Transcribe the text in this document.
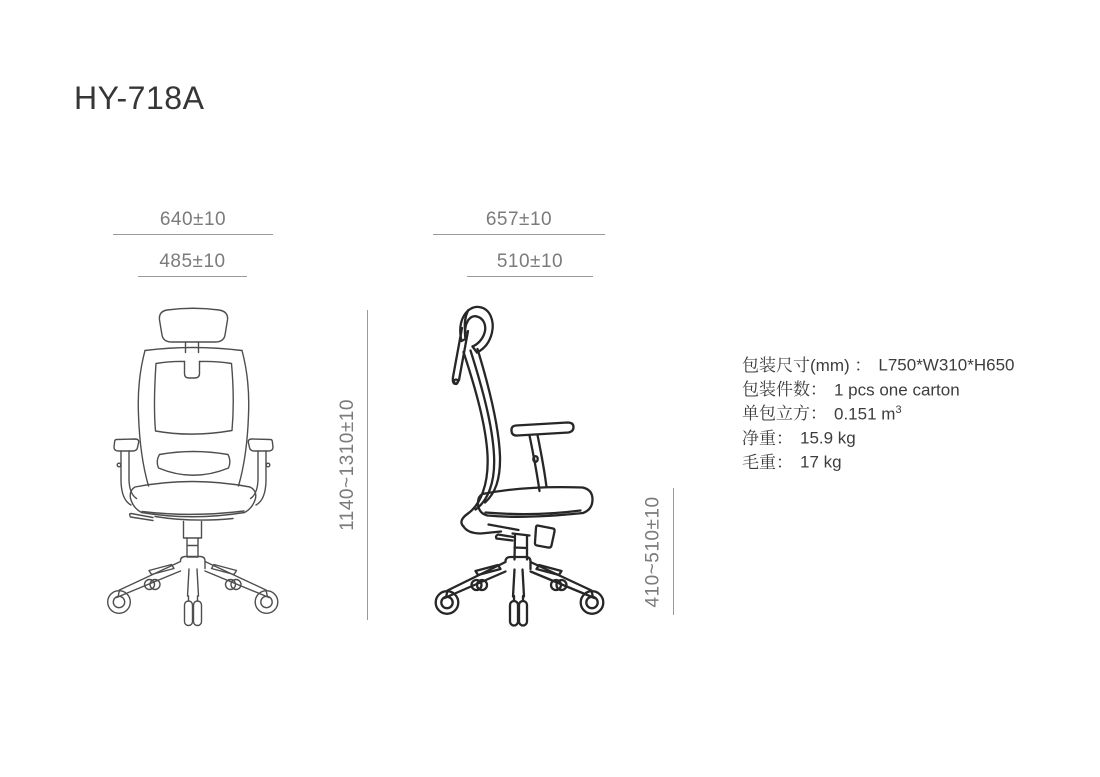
HY-718A
640±10
485±10
657±10
510±10
1140~1310±10
410~510±10
包装尺寸(mm) ： L750*W310*H650
包装件数： 1 pcs one carton
单包立方： 0.151 $m^3$
净重： 15.9 kg
毛重： 17 kg
